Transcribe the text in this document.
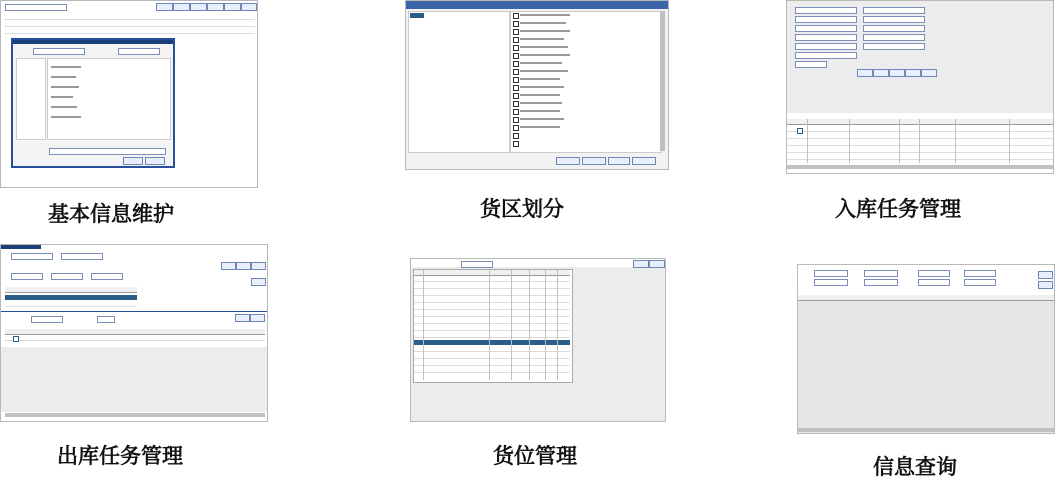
基本信息维护	货区划分	入库任务管理
出库任务管理	货位管理	信息查询
